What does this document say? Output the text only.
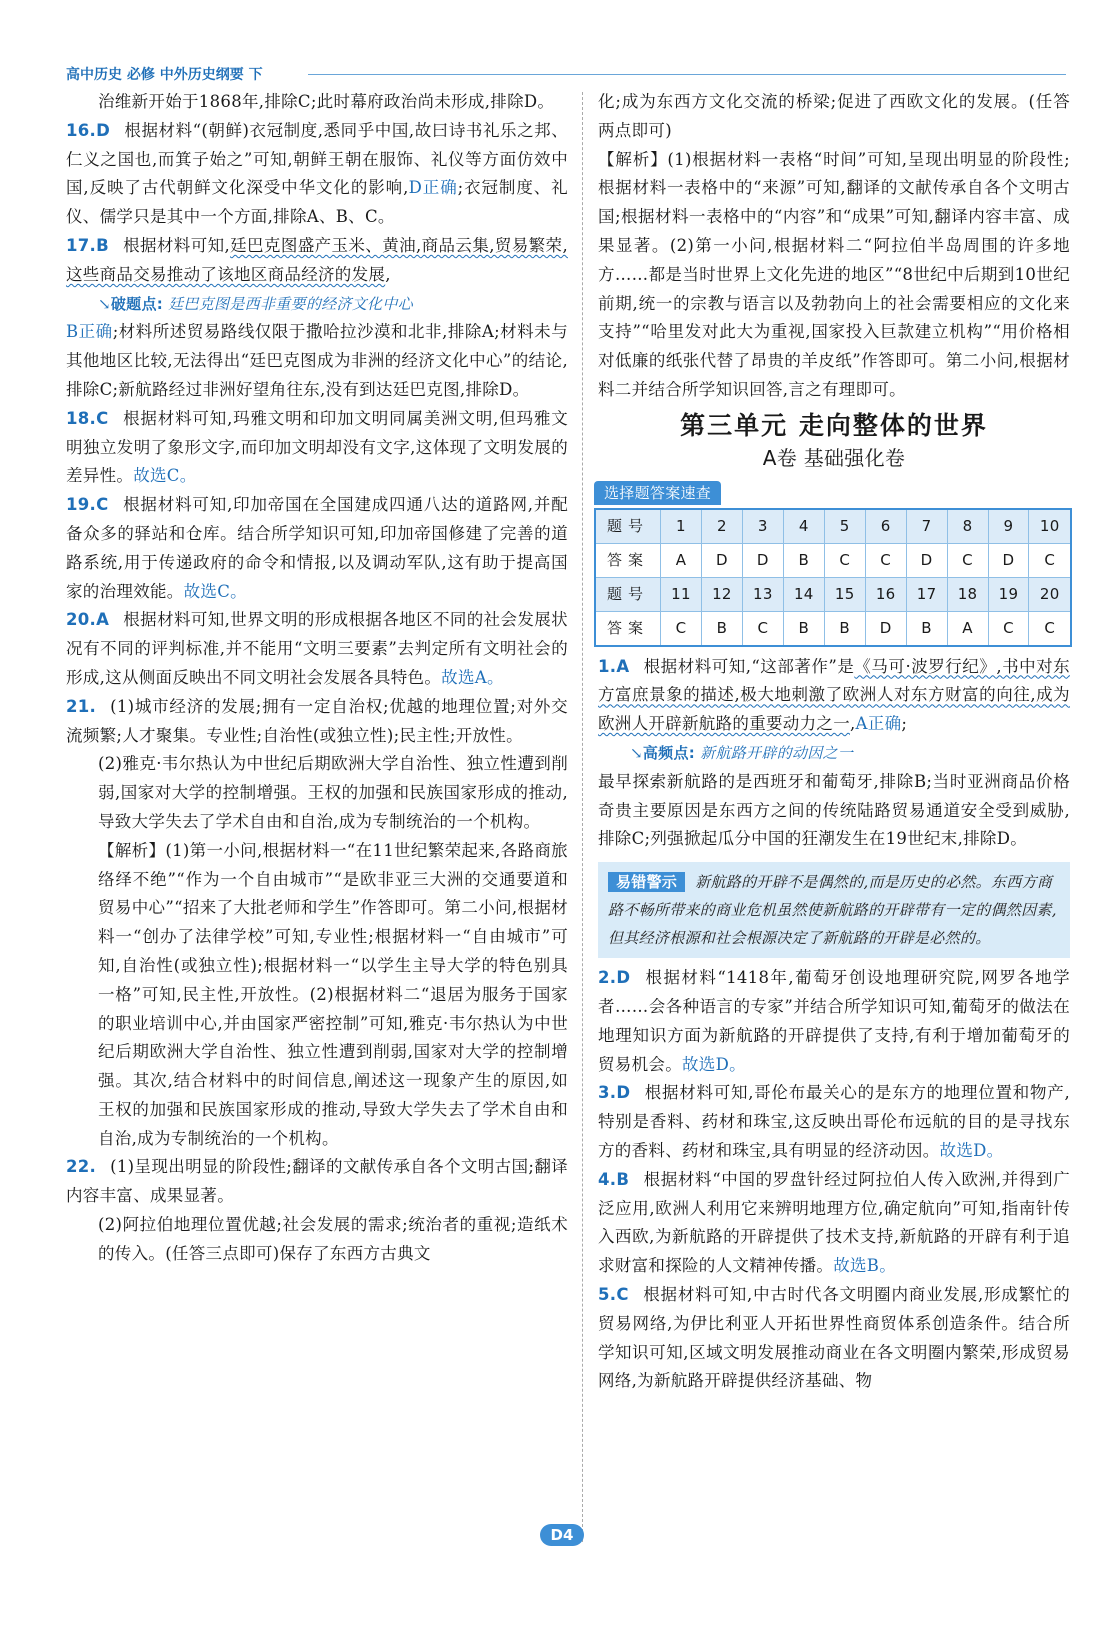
高中历史 必修 中外历史纲要 下

治维新开始于1868年,排除C;此时幕府政治尚未形成,排除D。

16.D 根据材料“(朝鲜)衣冠制度,悉同乎中国,故曰诗书礼乐之邦、仁义之国也,而箕子始之”可知,朝鲜王朝在服饰、礼仪等方面仿效中国,反映了古代朝鲜文化深受中华文化的影响,D正确;衣冠制度、礼仪、儒学只是其中一个方面,排除A、B、C。

17.B 根据材料可知,廷巴克图盛产玉米、黄油,商品云集,贸易繁荣,这些商品交易推动了该地区商品经济的发展,

↘破题点: 廷巴克图是西非重要的经济文化中心

B正确;材料所述贸易路线仅限于撒哈拉沙漠和北非,排除A;材料未与其他地区比较,无法得出“廷巴克图成为非洲的经济文化中心”的结论,排除C;新航路经过非洲好望角往东,没有到达廷巴克图,排除D。

18.C 根据材料可知,玛雅文明和印加文明同属美洲文明,但玛雅文明独立发明了象形文字,而印加文明却没有文字,这体现了文明发展的差异性。故选C。

19.C 根据材料可知,印加帝国在全国建成四通八达的道路网,并配备众多的驿站和仓库。结合所学知识可知,印加帝国修建了完善的道路系统,用于传递政府的命令和情报,以及调动军队,这有助于提高国家的治理效能。故选C。

20.A 根据材料可知,世界文明的形成根据各地区不同的社会发展状况有不同的评判标准,并不能用“文明三要素”去判定所有文明社会的形成,这从侧面反映出不同文明社会发展各具特色。故选A。

21. (1)城市经济的发展;拥有一定自治权;优越的地理位置;对外交流频繁;人才聚集。专业性;自治性(或独立性);民主性;开放性。

(2)雅克·韦尔热认为中世纪后期欧洲大学自治性、独立性遭到削弱,国家对大学的控制增强。王权的加强和民族国家形成的推动,导致大学失去了学术自由和自治,成为专制统治的一个机构。

【解析】(1)第一小问,根据材料一“在11世纪繁荣起来,各路商旅络绎不绝”“作为一个自由城市”“是欧非亚三大洲的交通要道和贸易中心”“招来了大批老师和学生”作答即可。第二小问,根据材料一“创办了法律学校”可知,专业性;根据材料一“自由城市”可知,自治性(或独立性);根据材料一“以学生主导大学的特色别具一格”可知,民主性,开放性。(2)根据材料二“退居为服务于国家的职业培训中心,并由国家严密控制”可知,雅克·韦尔热认为中世纪后期欧洲大学自治性、独立性遭到削弱,国家对大学的控制增强。其次,结合材料中的时间信息,阐述这一现象产生的原因,如王权的加强和民族国家形成的推动,导致大学失去了学术自由和自治,成为专制统治的一个机构。

22. (1)呈现出明显的阶段性;翻译的文献传承自各个文明古国;翻译内容丰富、成果显著。

(2)阿拉伯地理位置优越;社会发展的需求;统治者的重视;造纸术的传入。(任答三点即可)保存了东西方古典文

化;成为东西方文化交流的桥梁;促进了西欧文化的发展。(任答两点即可)

【解析】(1)根据材料一表格“时间”可知,呈现出明显的阶段性;根据材料一表格中的“来源”可知,翻译的文献传承自各个文明古国;根据材料一表格中的“内容”和“成果”可知,翻译内容丰富、成果显著。(2)第一小问,根据材料二“阿拉伯半岛周围的许多地方……都是当时世界上文化先进的地区”“8世纪中后期到10世纪前期,统一的宗教与语言以及勃勃向上的社会需要相应的文化来支持”“哈里发对此大为重视,国家投入巨款建立机构”“用价格相对低廉的纸张代替了昂贵的羊皮纸”作答即可。第二小问,根据材料二并结合所学知识回答,言之有理即可。

第三单元 走向整体的世界
A卷 基础强化卷
选择题答案速查
题号	1	2	3	4	5	6	7	8	9	10
答案	A	D	D	B	C	C	D	C	D	C
题号	11	12	13	14	15	16	17	18	19	20
答案	C	B	C	B	B	D	B	A	C	C

1.A 根据材料可知,“这部著作”是《马可·波罗行纪》,书中对东方富庶景象的描述,极大地刺激了欧洲人对东方财富的向往,成为欧洲人开辟新航路的重要动力之一,A正确;

↘高频点: 新航路开辟的动因之一

最早探索新航路的是西班牙和葡萄牙,排除B;当时亚洲商品价格奇贵主要原因是东西方之间的传统陆路贸易通道安全受到威胁,排除C;列强掀起瓜分中国的狂潮发生在19世纪末,排除D。

易错警示 新航路的开辟不是偶然的,而是历史的必然。东西方商路不畅所带来的商业危机虽然使新航路的开辟带有一定的偶然因素,但其经济根源和社会根源决定了新航路的开辟是必然的。

2.D 根据材料“1418年,葡萄牙创设地理研究院,网罗各地学者……会各种语言的专家”并结合所学知识可知,葡萄牙的做法在地理知识方面为新航路的开辟提供了支持,有利于增加葡萄牙的贸易机会。故选D。

3.D 根据材料可知,哥伦布最关心的是东方的地理位置和物产,特别是香料、药材和珠宝,这反映出哥伦布远航的目的是寻找东方的香料、药材和珠宝,具有明显的经济动因。故选D。

4.B 根据材料“中国的罗盘针经过阿拉伯人传入欧洲,并得到广泛应用,欧洲人利用它来辨明地理方位,确定航向”可知,指南针传入西欧,为新航路的开辟提供了技术支持,新航路的开辟有利于追求财富和探险的人文精神传播。故选B。

5.C 根据材料可知,中古时代各文明圈内商业发展,形成繁忙的贸易网络,为伊比利亚人开拓世界性商贸体系创造条件。结合所学知识可知,区域文明发展推动商业在各文明圈内繁荣,形成贸易网络,为新航路开辟提供经济基础、物

D4
